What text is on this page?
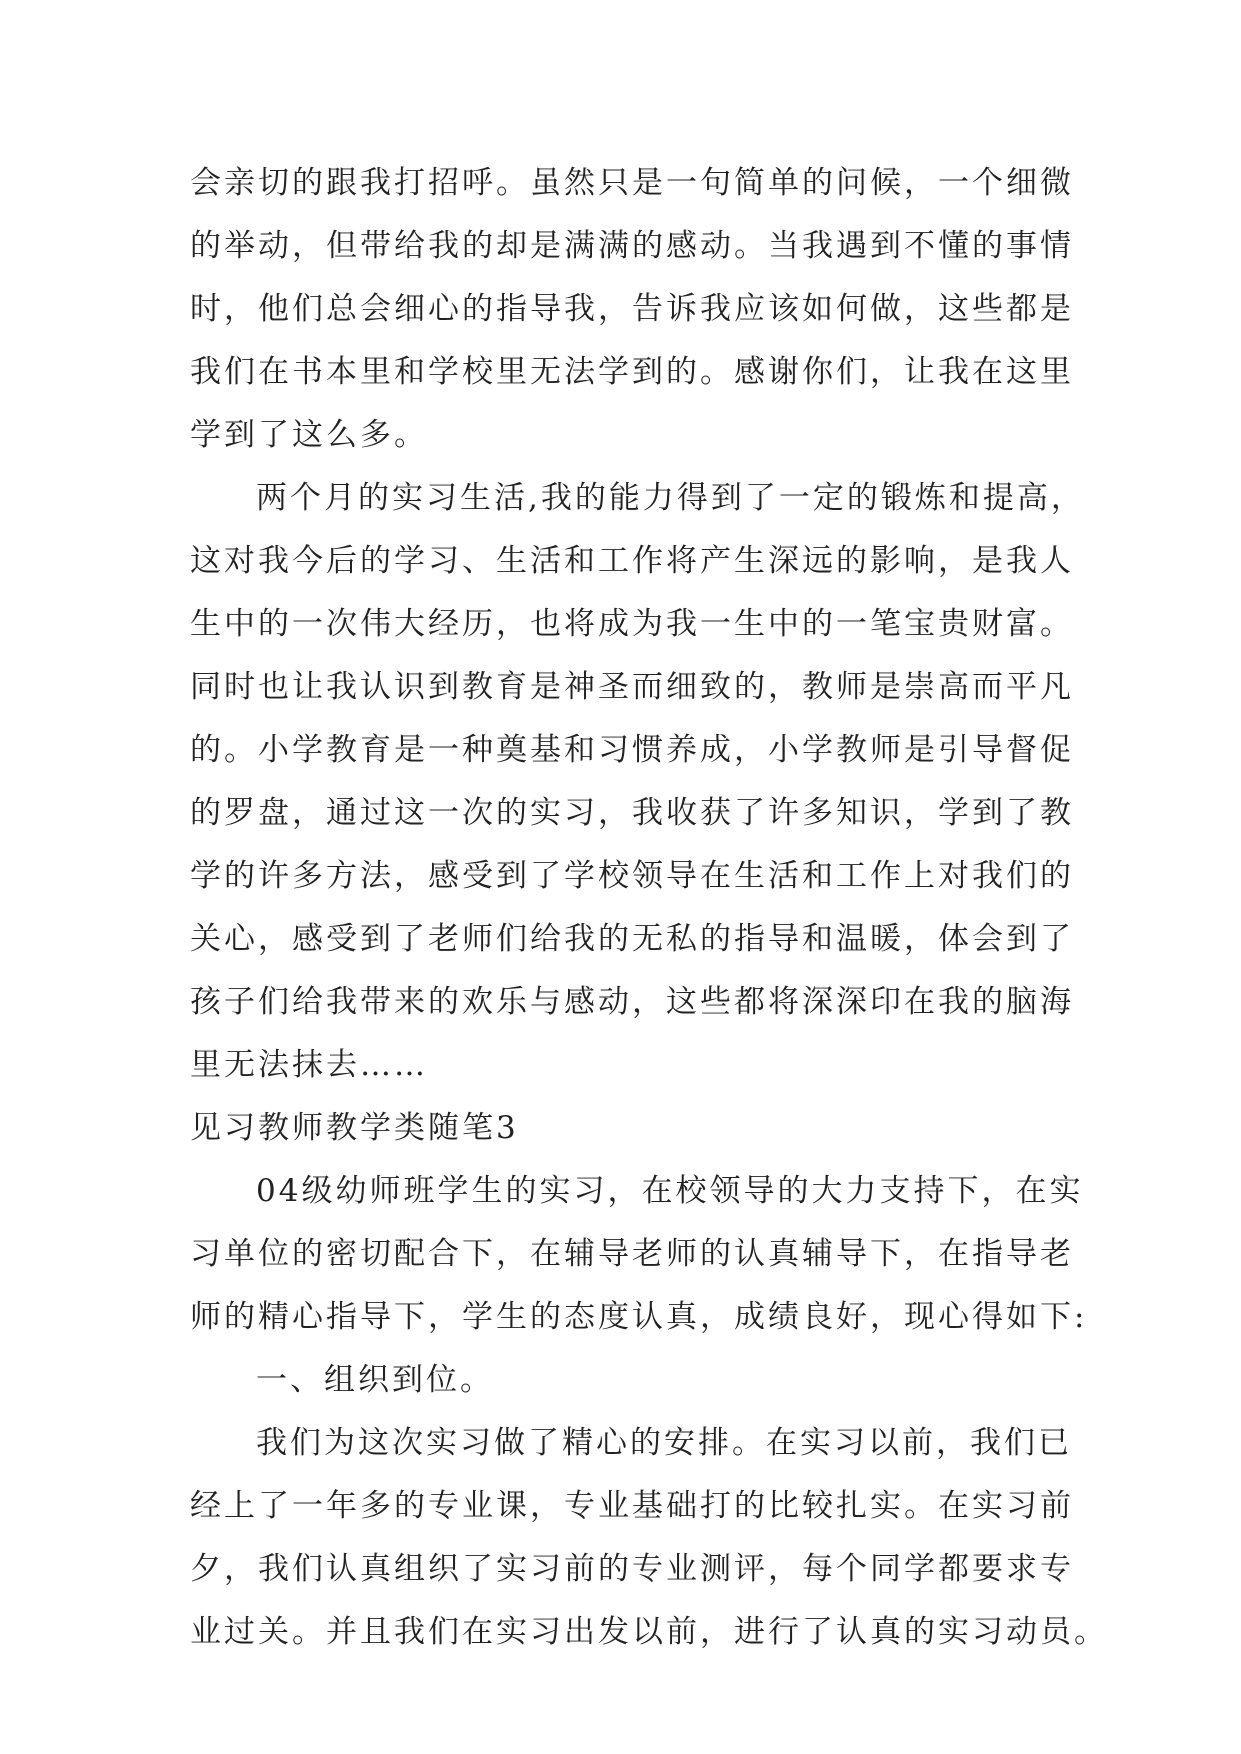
会亲切的跟我打招呼。虽然只是一句简单的问候，一个细微
的举动，但带给我的却是满满的感动。当我遇到不懂的事情
时，他们总会细心的指导我，告诉我应该如何做，这些都是
我们在书本里和学校里无法学到的。感谢你们，让我在这里
学到了这么多。
两个月的实习生活,我的能力得到了一定的锻炼和提高，
这对我今后的学习、生活和工作将产生深远的影响，是我人
生中的一次伟大经历，也将成为我一生中的一笔宝贵财富。
同时也让我认识到教育是神圣而细致的，教师是崇高而平凡
的。小学教育是一种奠基和习惯养成，小学教师是引导督促
的罗盘，通过这一次的实习，我收获了许多知识，学到了教
学的许多方法，感受到了学校领导在生活和工作上对我们的
关心，感受到了老师们给我的无私的指导和温暖，体会到了
孩子们给我带来的欢乐与感动，这些都将深深印在我的脑海
里无法抹去……
见习教师教学类随笔3
04级幼师班学生的实习，在校领导的大力支持下，在实
习单位的密切配合下，在辅导老师的认真辅导下，在指导老
师的精心指导下，学生的态度认真，成绩良好，现心得如下:
一、组织到位。
我们为这次实习做了精心的安排。在实习以前，我们已
经上了一年多的专业课，专业基础打的比较扎实。在实习前
夕，我们认真组织了实习前的专业测评，每个同学都要求专
业过关。并且我们在实习出发以前，进行了认真的实习动员。
